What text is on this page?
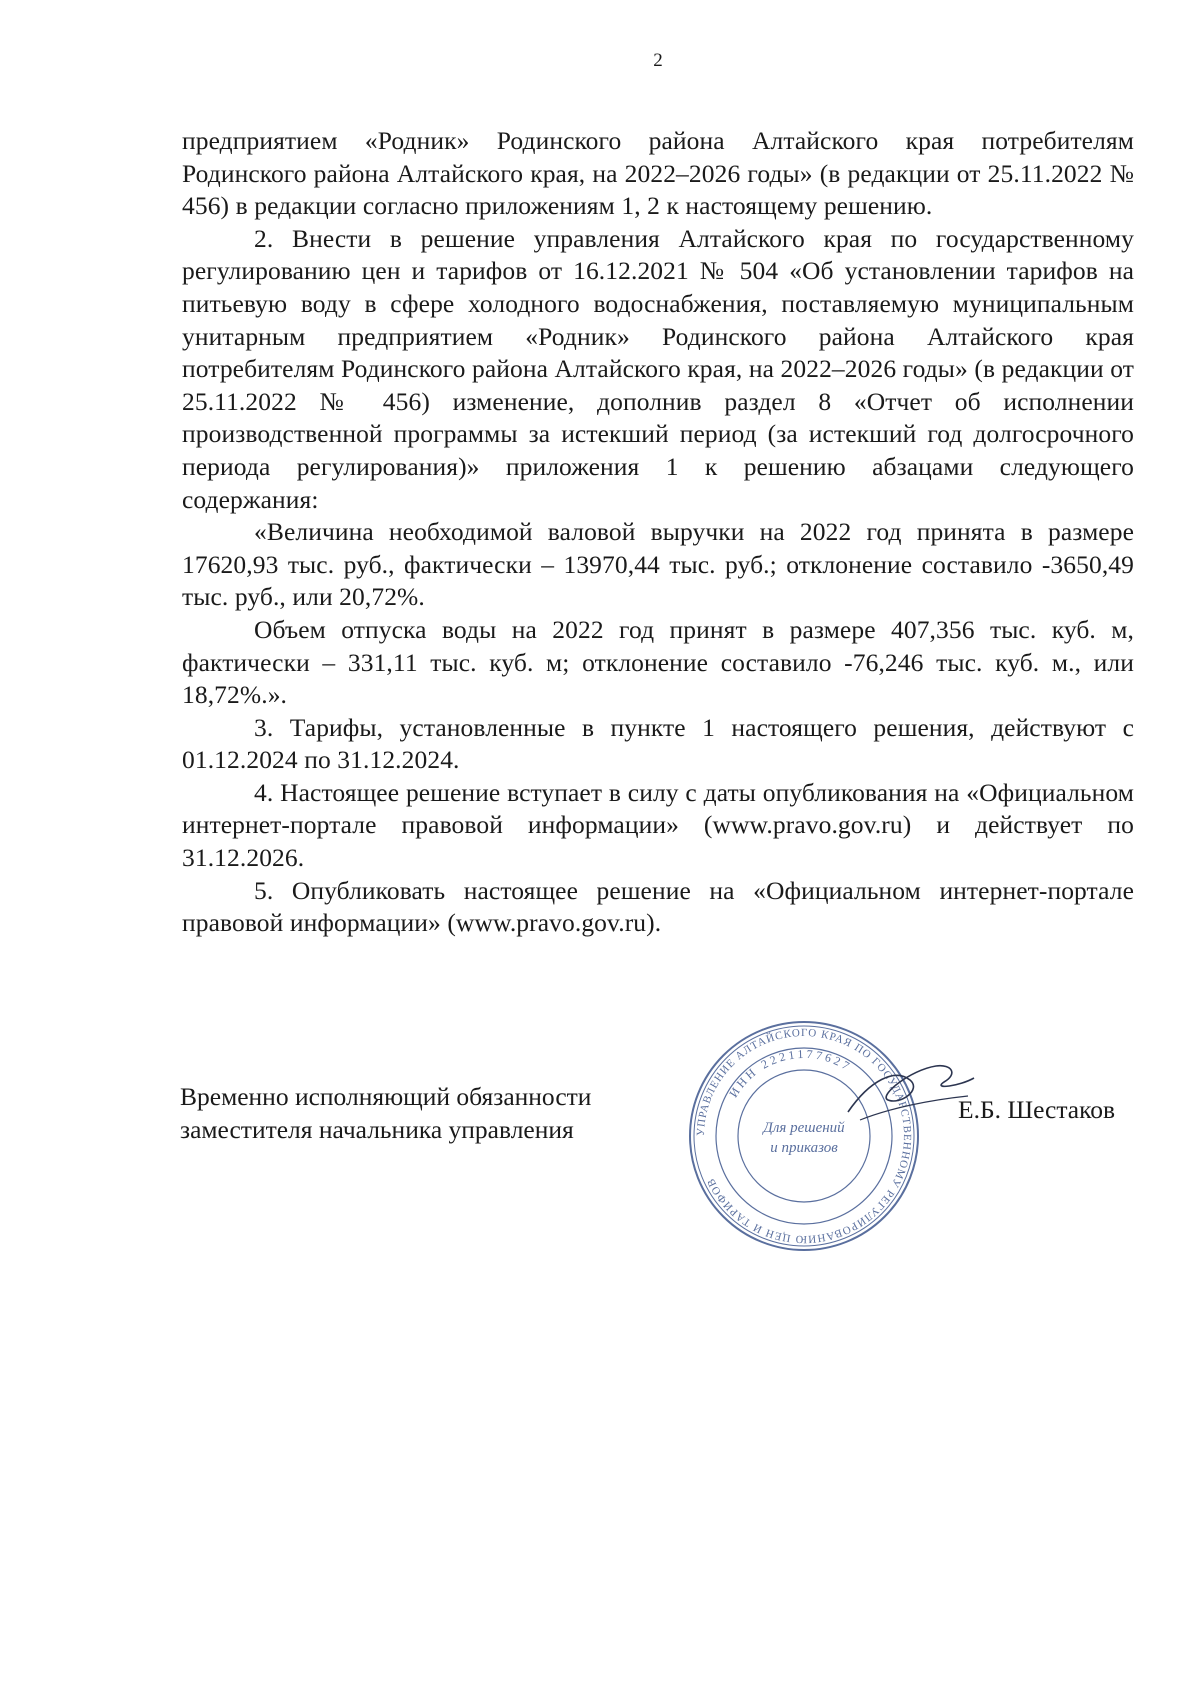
2

предприятием «Родник» Родинского района Алтайского края потребителям Родинского района Алтайского края, на 2022–2026 годы» (в редакции от 25.11.2022 № 456) в редакции согласно приложениям 1, 2 к настоящему решению.

2. Внести в решение управления Алтайского края по государственному регулированию цен и тарифов от 16.12.2021 № 504 «Об установлении тарифов на питьевую воду в сфере холодного водоснабжения, поставляемую муниципальным унитарным предприятием «Родник» Родинского района Алтайского края потребителям Родинского района Алтайского края, на 2022–2026 годы» (в редакции от 25.11.2022 № 456) изменение, дополнив раздел 8 «Отчет об исполнении производственной программы за истекший период (за истекший год долгосрочного периода регулирования)» приложения 1 к решению абзацами следующего содержания:

«Величина необходимой валовой выручки на 2022 год принята в размере 17620,93 тыс. руб., фактически – 13970,44 тыс. руб.; отклонение составило -3650,49 тыс. руб., или 20,72%.

Объем отпуска воды на 2022 год принят в размере 407,356 тыс. куб. м, фактически – 331,11 тыс. куб. м; отклонение составило -76,246 тыс. куб. м., или 18,72%.».

3. Тарифы, установленные в пункте 1 настоящего решения, действуют с 01.12.2024 по 31.12.2024.

4. Настоящее решение вступает в силу с даты опубликования на «Официальном интернет-портале правовой информации» (www.pravo.gov.ru) и действует по 31.12.2026.

5. Опубликовать настоящее решение на «Официальном интернет-портале правовой информации» (www.pravo.gov.ru).

Временно исполняющий обязанности
заместителя начальника управления	УПРАВЛЕНИЕ АЛТАЙСКОГО КРАЯ ПО ГОСУДАРСТВЕННОМУ РЕГУЛИРОВАНИЮ ЦЕН И ТАРИФОВ
ИНН 2221177627
Для решений
и приказов
Е.Б. Шестаков
